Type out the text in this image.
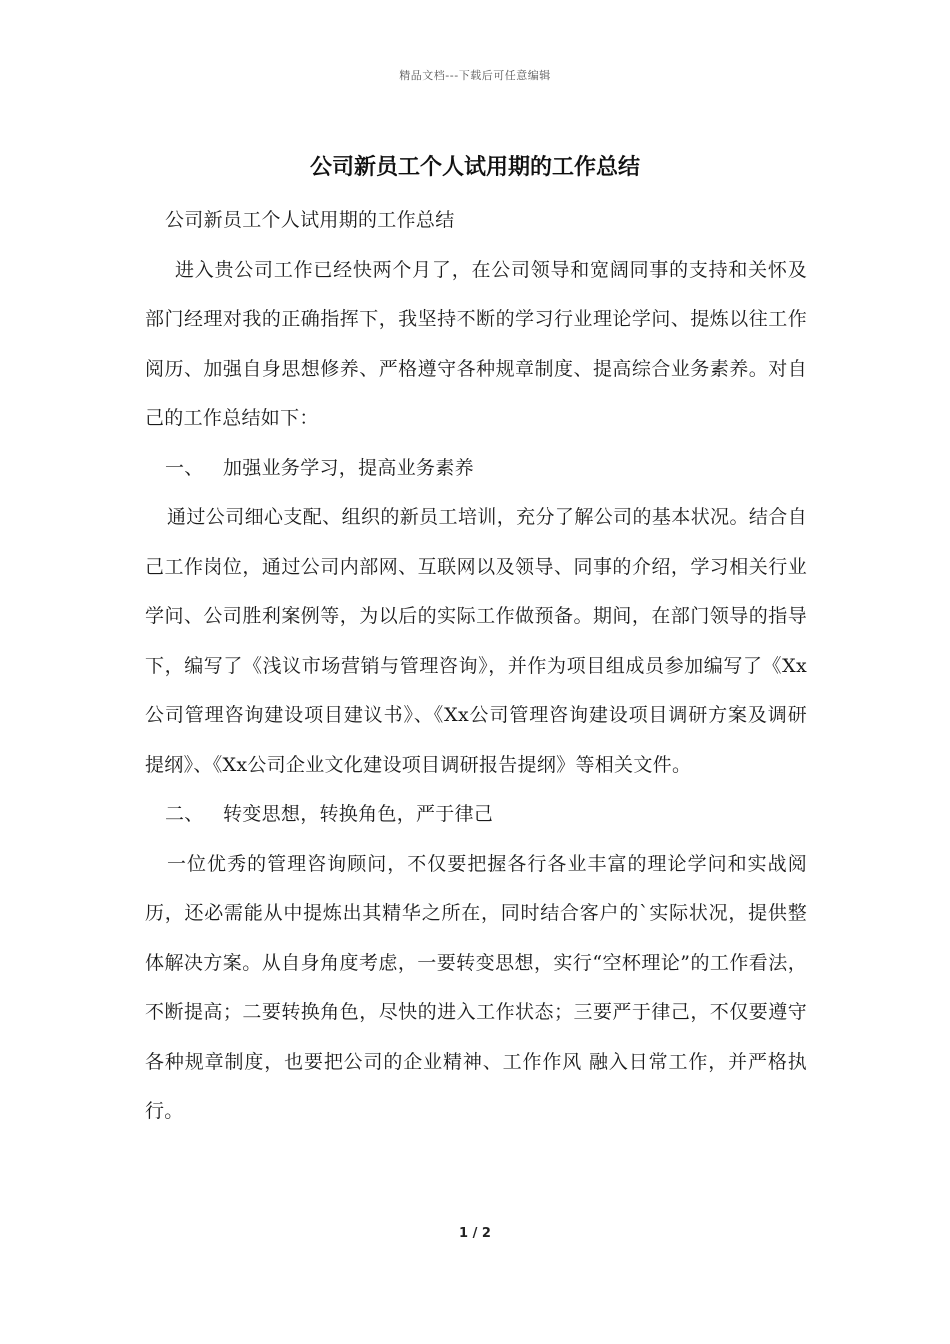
精品文档---下载后可任意编辑
公司新员工个人试用期的工作总结

公司新员工个人试用期的工作总结

进入贵公司工作已经快两个月了，在公司领导和宽阔同事的支持和关怀及部门经理对我的正确指挥下，我坚持不断的学习行业理论学问、提炼以往工作阅历、加强自身思想修养、严格遵守各种规章制度、提高综合业务素养。对自己的工作总结如下：

一、 加强业务学习，提高业务素养

通过公司细心支配、组织的新员工培训，充分了解公司的基本状况。结合自己工作岗位，通过公司内部网、互联网以及领导、同事的介绍，学习相关行业学问、公司胜利案例等，为以后的实际工作做预备。期间，在部门领导的指导下，编写了《浅议市场营销与管理咨询》，并作为项目组成员参加编写了《Xx公司管理咨询建设项目建议书》、《Xx公司管理咨询建设项目调研方案及调研提纲》、《Xx公司企业文化建设项目调研报告提纲》等相关文件。

二、 转变思想，转换角色，严于律己

一位优秀的管理咨询顾问，不仅要把握各行各业丰富的理论学问和实战阅历，还必需能从中提炼出其精华之所在，同时结合客户的`实际状况，提供整体解决方案。从自身角度考虑，一要转变思想，实行“空杯理论”的工作看法，不断提高；二要转换角色，尽快的进入工作状态；三要严于律己，不仅要遵守各种规章制度，也要把公司的企业精神、工作作风 融入日常工作，并严格执行。

1 / 2
